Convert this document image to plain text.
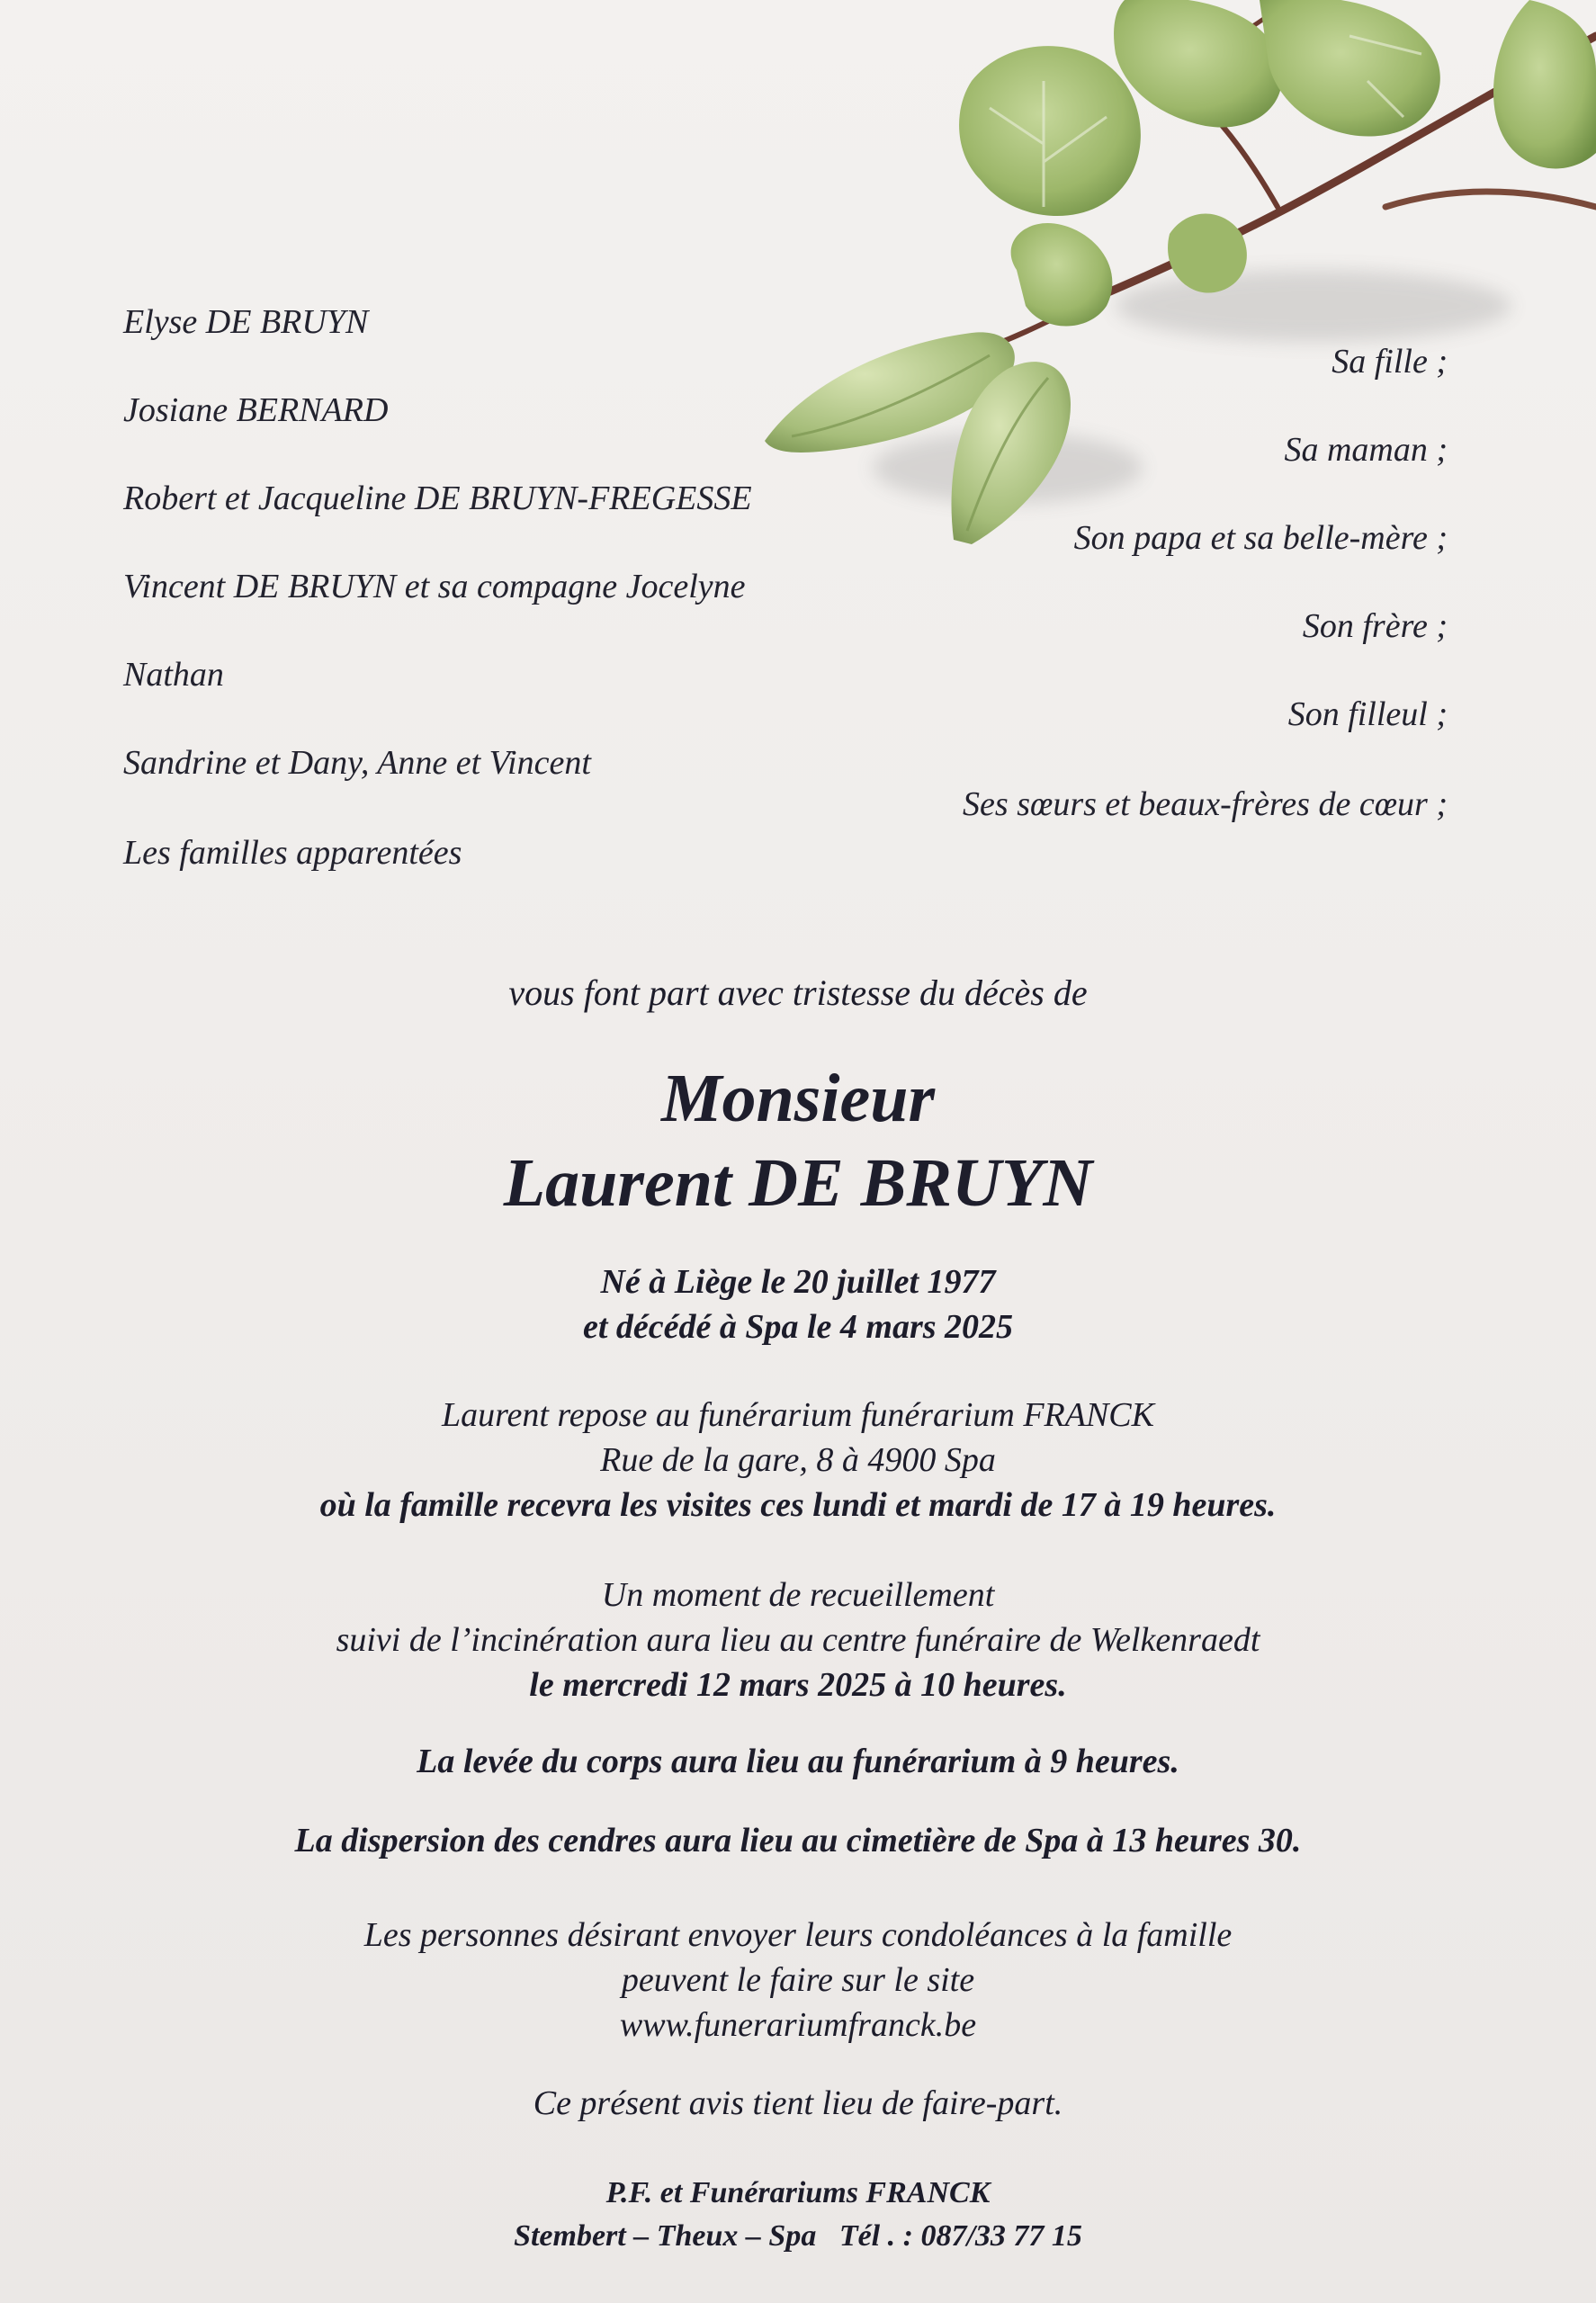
Elyse DE BRUYN
Sa fille ;
Josiane BERNARD
Sa maman ;
Robert et Jacqueline DE BRUYN-FREGESSE
Son papa et sa belle-mère ;
Vincent DE BRUYN et sa compagne Jocelyne
Son frère ;
Nathan
Son filleul ;
Sandrine et Dany, Anne et Vincent
Ses sœurs et beaux-frères de cœur ;
Les familles apparentées
vous font part avec tristesse du décès de
Monsieur
Laurent DE BRUYN
Né à Liège le 20 juillet 1977
et décédé à Spa le 4 mars 2025
Laurent repose au funérarium funérarium FRANCK
Rue de la gare, 8 à 4900 Spa
où la famille recevra les visites ces lundi et mardi de 17 à 19 heures.
Un moment de recueillement
suivi de l’incinération aura lieu au centre funéraire de Welkenraedt
le mercredi 12 mars 2025 à 10 heures.
La levée du corps aura lieu au funérarium à 9 heures.
La dispersion des cendres aura lieu au cimetière de Spa à 13 heures 30.
Les personnes désirant envoyer leurs condoléances à la famille
peuvent le faire sur le site
www.funerariumfranck.be
Ce présent avis tient lieu de faire-part.
P.F. et Funérariums FRANCK
Stembert – Theux – Spa   Tél . : 087/33 77 15
